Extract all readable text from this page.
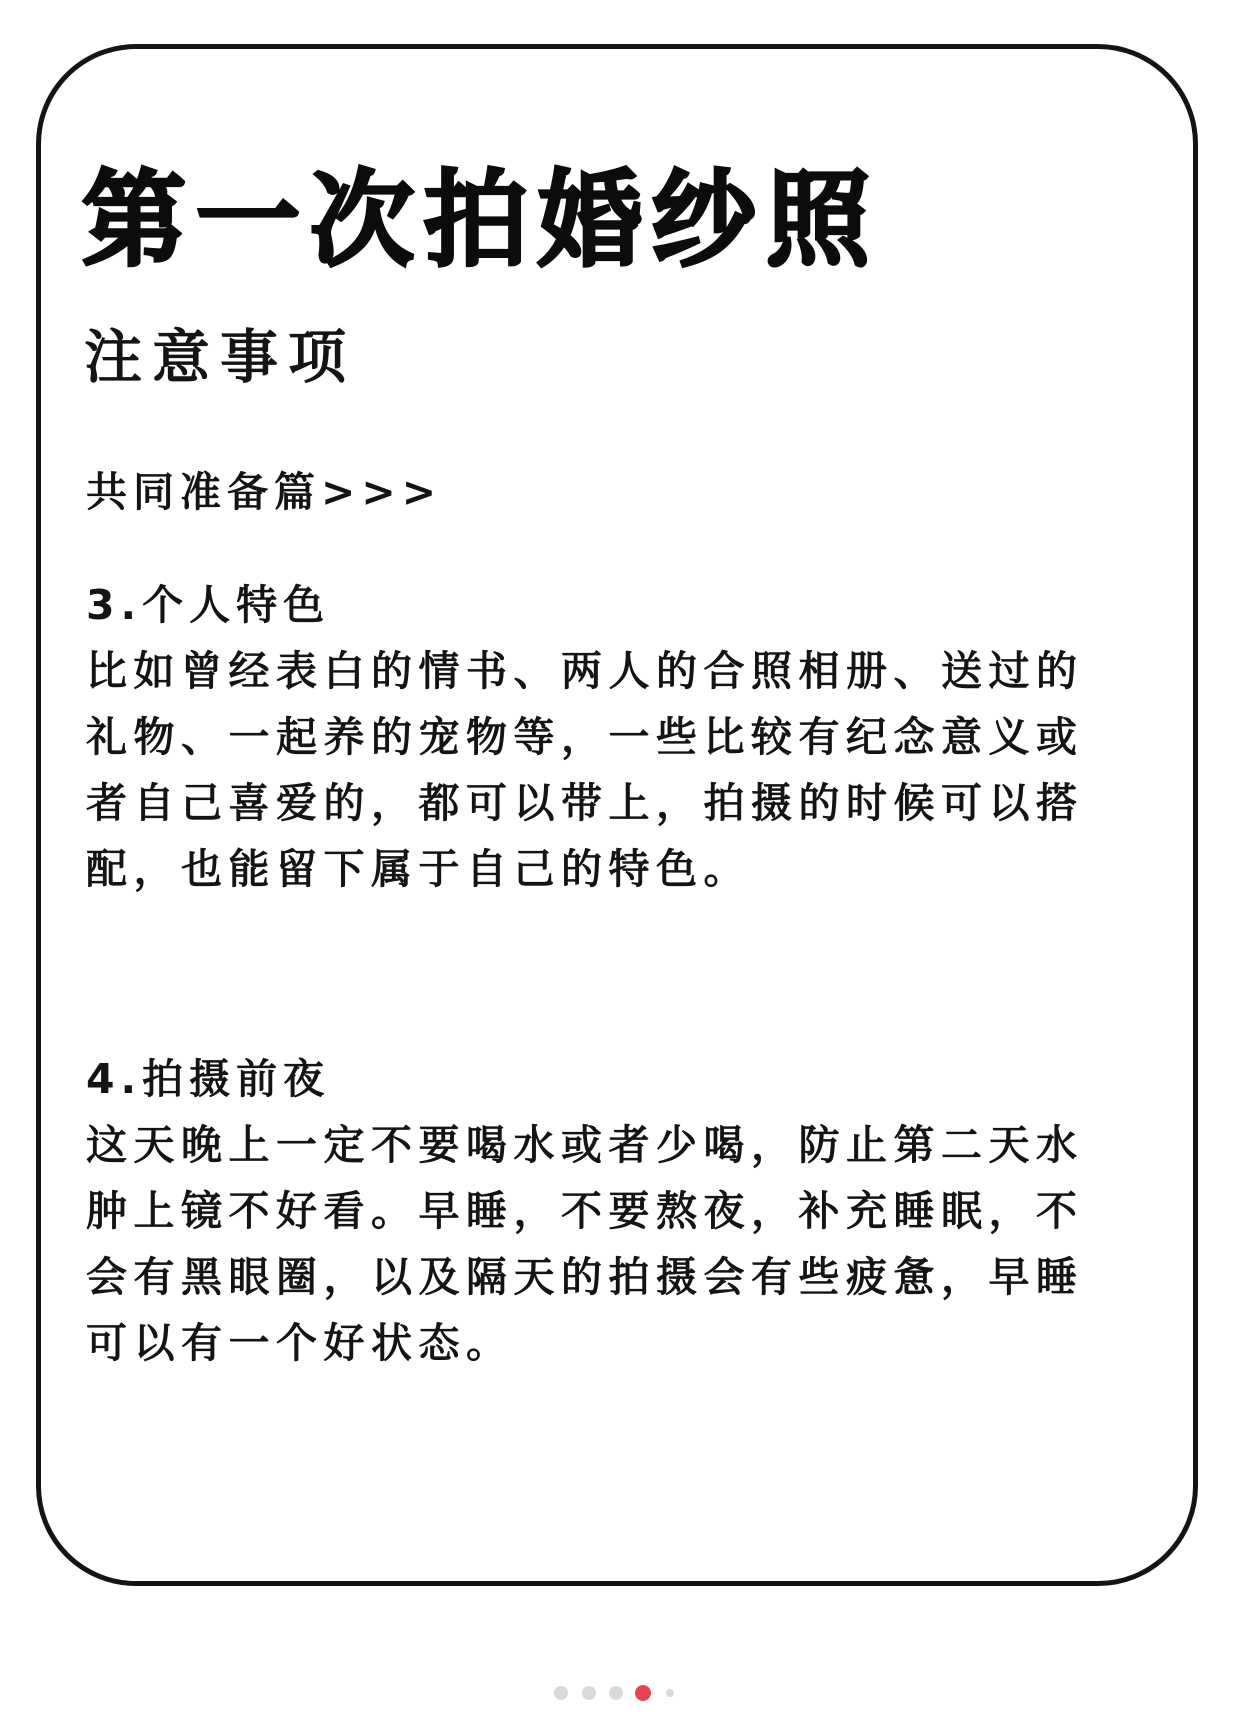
第一次拍婚纱照
注意事项
共同准备篇>>>
3.个人特色
比如曾经表白的情书、两人的合照相册、送过的
礼物、一起养的宠物等，一些比较有纪念意义或
者自己喜爱的，都可以带上，拍摄的时候可以搭
配，也能留下属于自己的特色。
4.拍摄前夜
这天晚上一定不要喝水或者少喝，防止第二天水
肿上镜不好看。早睡，不要熬夜，补充睡眠，不
会有黑眼圈，以及隔天的拍摄会有些疲惫，早睡
可以有一个好状态。
